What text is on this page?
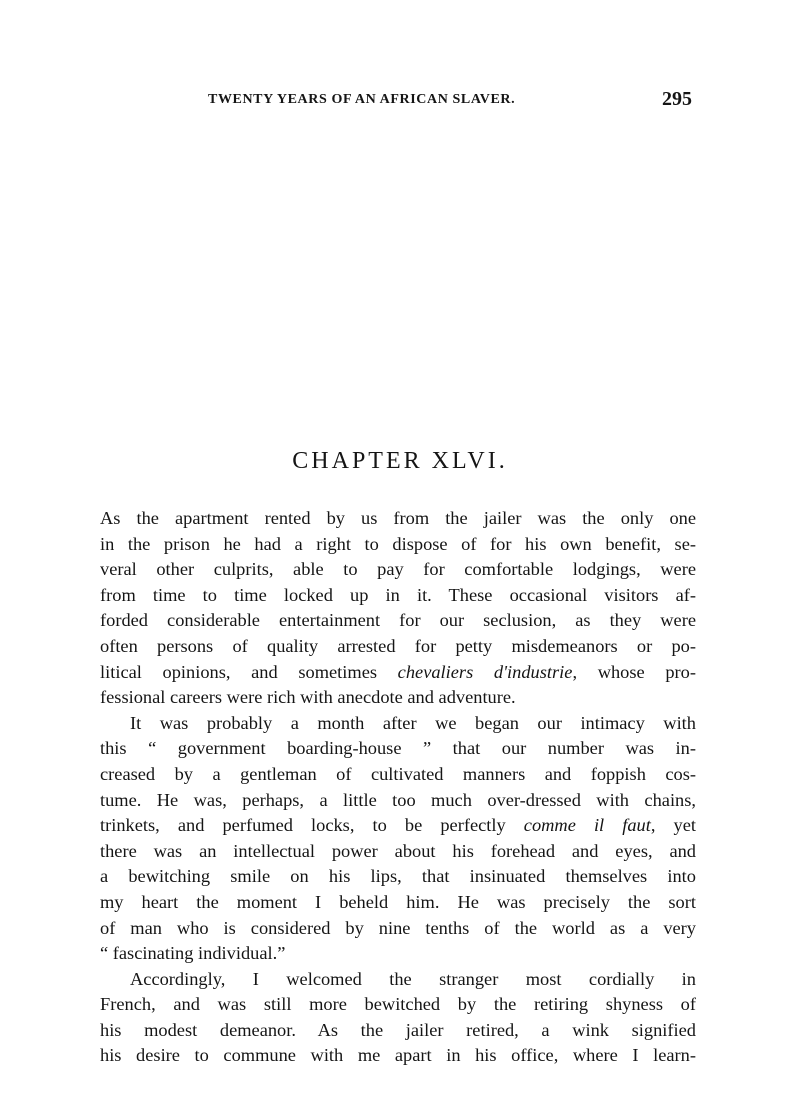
TWENTY YEARS OF AN AFRICAN SLAVER.	295
CHAPTER XLVI.
As the apartment rented by us from the jailer was the only one
in the prison he had a right to dispose of for his own benefit, se-
veral other culprits, able to pay for comfortable lodgings, were
from time to time locked up in it. These occasional visitors af-
forded considerable entertainment for our seclusion, as they were
often persons of quality arrested for petty misdemeanors or po-
litical opinions, and sometimes chevaliers d'industrie, whose pro-
fessional careers were rich with anecdote and adventure.
It was probably a month after we began our intimacy with
this “ government boarding-house ” that our number was in-
creased by a gentleman of cultivated manners and foppish cos-
tume. He was, perhaps, a little too much over-dressed with chains,
trinkets, and perfumed locks, to be perfectly comme il faut, yet
there was an intellectual power about his forehead and eyes, and
a bewitching smile on his lips, that insinuated themselves into
my heart the moment I beheld him. He was precisely the sort
of man who is considered by nine tenths of the world as a very
“ fascinating individual.”
Accordingly, I welcomed the stranger most cordially in
French, and was still more bewitched by the retiring shyness of
his modest demeanor. As the jailer retired, a wink signified
his desire to commune with me apart in his office, where I learn-
